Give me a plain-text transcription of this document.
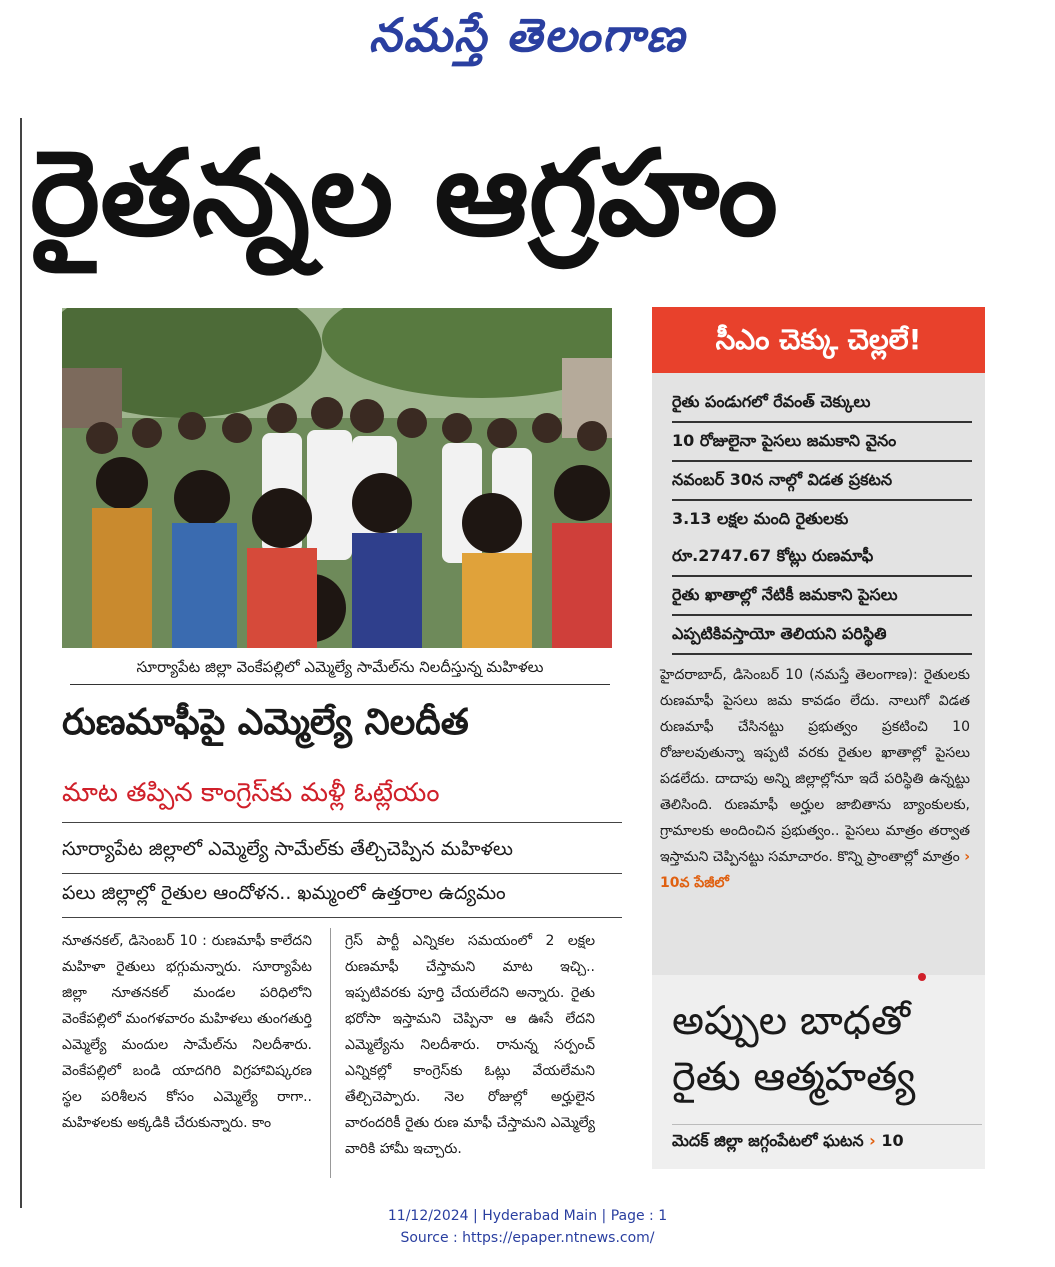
నమస్తే తెలంగాణ
రైతన్నల ఆగ్రహం
సూర్యాపేట జిల్లా వెంకేపల్లిలో ఎమ్మెల్యే సామేల్‌ను నిలదీస్తున్న మహిళలు
రుణమాఫీపై ఎమ్మెల్యే నిలదీత
మాట తప్పిన కాంగ్రెస్‌కు మళ్లీ ఓట్లేయం
సూర్యాపేట జిల్లాలో ఎమ్మెల్యే సామేల్‌కు తేల్చిచెప్పిన మహిళలు
పలు జిల్లాల్లో రైతుల ఆందోళన.. ఖమ్మంలో ఉత్తరాల ఉద్యమం
నూతనకల్, డిసెంబర్ 10 : రుణమాఫీ కాలేదని మహిళా రైతులు భగ్గుమన్నారు. సూర్యాపేట జిల్లా నూతనకల్ మండల పరిధిలోని వెంకేపల్లిలో మంగళవారం మహిళలు తుంగతుర్తి ఎమ్మెల్యే మందుల సామేల్‌ను నిలదీశారు. వెంకేపల్లిలో బండి యాదగిరి విగ్రహావిష్కరణ స్థల పరిశీలన కోసం ఎమ్మెల్యే రాగా.. మహిళలకు అక్కడికి చేరుకున్నారు. కాం
గ్రెస్ పార్టీ ఎన్నికల సమయంలో 2 లక్షల రుణమాఫీ చేస్తామని మాట ఇచ్చి.. ఇప్పటివరకు పూర్తి చేయలేదని అన్నారు. రైతు భరోసా ఇస్తామని చెప్పినా ఆ ఊసే లేదని ఎమ్మెల్యేను నిలదీశారు. రానున్న సర్పంచ్ ఎన్నికల్లో కాంగ్రెస్‌కు ఓట్లు వేయలేమని తేల్చిచెప్పారు. నెల రోజుల్లో అర్హులైన వారందరికీ రైతు రుణ మాఫీ చేస్తామని ఎమ్మెల్యే వారికి హామీ ఇచ్చారు.
సీఎం చెక్కు చెల్లలే!
రైతు పండుగలో రేవంత్ చెక్కులు
10 రోజులైనా పైసలు జమకాని వైనం
నవంబర్ 30న నాల్గో విడత ప్రకటన
3.13 లక్షల మంది రైతులకు
రూ.2747.67 కోట్లు రుణమాఫీ
రైతు ఖాతాల్లో నేటికీ జమకాని పైసలు
ఎప్పటికివస్తాయో తెలియని పరిస్థితి
హైదరాబాద్, డిసెంబర్ 10 (నమస్తే తెలంగాణ): రైతులకు రుణమాఫీ పైసలు జమ కావడం లేదు. నాలుగో విడత రుణమాఫీ చేసినట్టు ప్రభుత్వం ప్రకటించి 10 రోజులవుతున్నా ఇప్పటి వరకు రైతుల ఖాతాల్లో పైసలు పడలేదు. దాదాపు అన్ని జిల్లాల్లోనూ ఇదే పరిస్థితి ఉన్నట్టు తెలిసింది. రుణమాఫీ అర్హుల జాబితాను బ్యాంకులకు, గ్రామాలకు అందించిన ప్రభుత్వం.. పైసలు మాత్రం తర్వాత ఇస్తామని చెప్పినట్టు సమాచారం. కొన్ని ప్రాంతాల్లో మాత్రం › 10వ పేజీలో
అప్పుల బాధతో
రైతు ఆత్మహత్య
మెదక్ జిల్లా జగ్గంపేటలో ఘటన › 10
11/12/2024 | Hyderabad Main | Page : 1
Source : https://epaper.ntnews.com/
